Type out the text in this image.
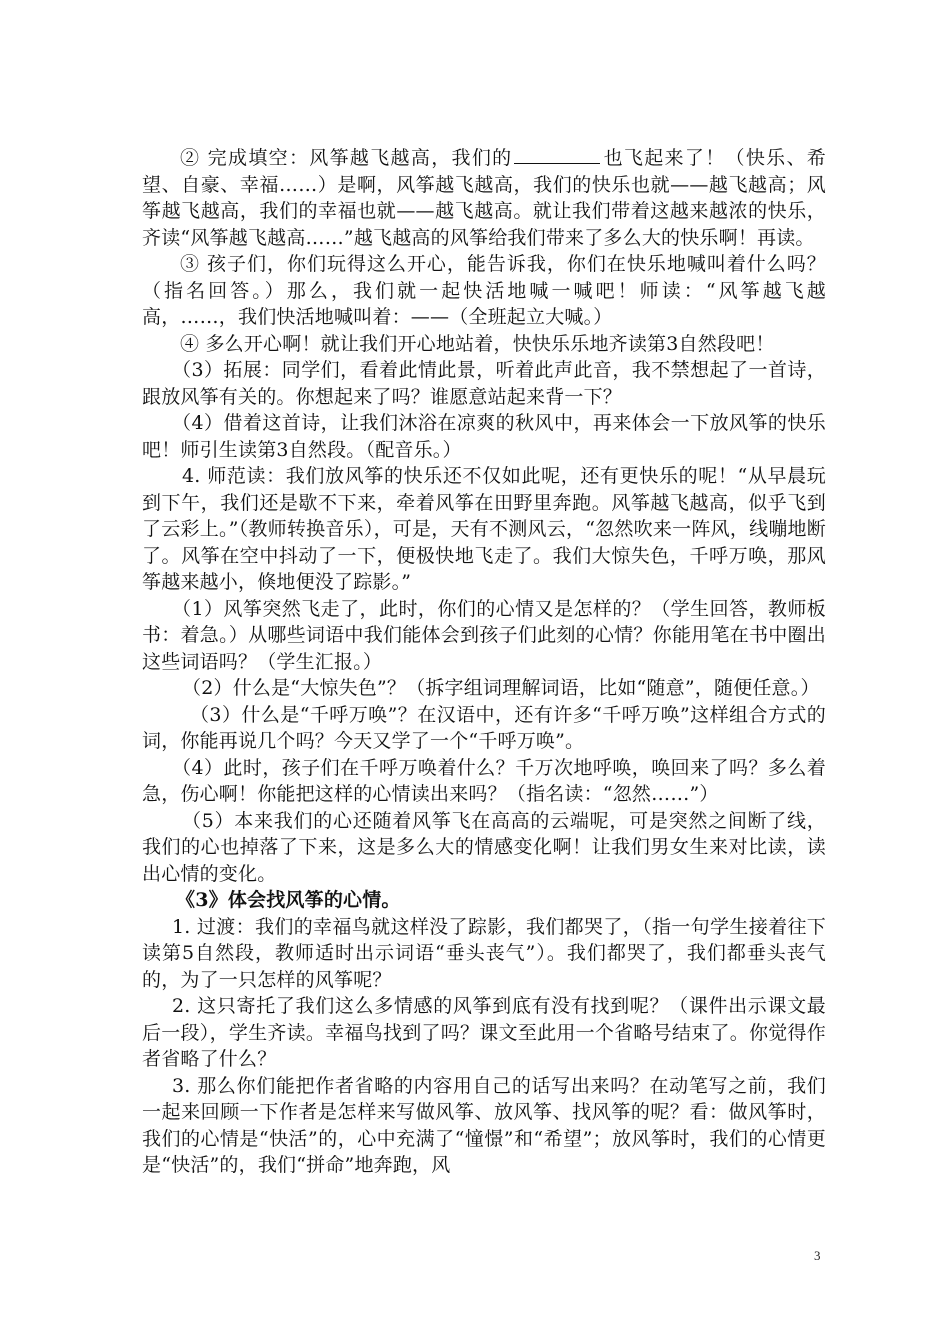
② 完成填空：风筝越飞越高，我们的	也飞起来了！（快乐、希望、自豪、幸福……）是啊，风筝越飞越高，我们的快乐也就——越飞越高；风筝越飞越高，我们的幸福也就——越飞越高。就让我们带着这越来越浓的快乐，齐读“风筝越飞越高……”越飞越高的风筝给我们带来了多么大的快乐啊！再读。

③ 孩子们，你们玩得这么开心，能告诉我，你们在快乐地喊叫着什么吗？（指名回答。）那么，我们就一起快活地喊一喊吧！师读：“风筝越飞越高，……，我们快活地喊叫着：——（全班起立大喊。）

④ 多么开心啊！就让我们开心地站着，快快乐乐地齐读第3自然段吧！

（3）拓展：同学们，看着此情此景，听着此声此音，我不禁想起了一首诗，跟放风筝有关的。你想起来了吗？谁愿意站起来背一下？

（4）借着这首诗，让我们沐浴在凉爽的秋风中，再来体会一下放风筝的快乐吧！师引生读第3自然段。（配音乐。）

4. 师范读：我们放风筝的快乐还不仅如此呢，还有更快乐的呢！“从早晨玩到下午，我们还是歇不下来，牵着风筝在田野里奔跑。风筝越飞越高，似乎飞到了云彩上。”（教师转换音乐），可是，天有不测风云，“忽然吹来一阵风，线嘣地断了。风筝在空中抖动了一下，便极快地飞走了。我们大惊失色，千呼万唤，那风筝越来越小，倏地便没了踪影。”

（1）风筝突然飞走了，此时，你们的心情又是怎样的？（学生回答，教师板书：着急。）从哪些词语中我们能体会到孩子们此刻的心情？你能用笔在书中圈出这些词语吗？（学生汇报。）

（2）什么是“大惊失色”？（拆字组词理解词语，比如“随意”，随便任意。）

（3）什么是“千呼万唤”？在汉语中，还有许多“千呼万唤”这样组合方式的词，你能再说几个吗？今天又学了一个“千呼万唤”。

（4）此时，孩子们在千呼万唤着什么？千万次地呼唤，唤回来了吗？多么着急，伤心啊！你能把这样的心情读出来吗？（指名读：“忽然……”）

（5）本来我们的心还随着风筝飞在高高的云端呢，可是突然之间断了线，我们的心也掉落了下来，这是多么大的情感变化啊！让我们男女生来对比读，读出心情的变化。

《3》体会找风筝的心情。

1. 过渡：我们的幸福鸟就这样没了踪影，我们都哭了，（指一句学生接着往下读第5自然段，教师适时出示词语“垂头丧气”）。我们都哭了，我们都垂头丧气的，为了一只怎样的风筝呢？

2. 这只寄托了我们这么多情感的风筝到底有没有找到呢？（课件出示课文最后一段），学生齐读。幸福鸟找到了吗？课文至此用一个省略号结束了。你觉得作者省略了什么？

3. 那么你们能把作者省略的内容用自己的话写出来吗？在动笔写之前，我们一起来回顾一下作者是怎样来写做风筝、放风筝、找风筝的呢？看：做风筝时，我们的心情是“快活”的，心中充满了“憧憬”和“希望”；放风筝时，我们的心情更是“快活”的，我们“拼命”地奔跑，风

3
